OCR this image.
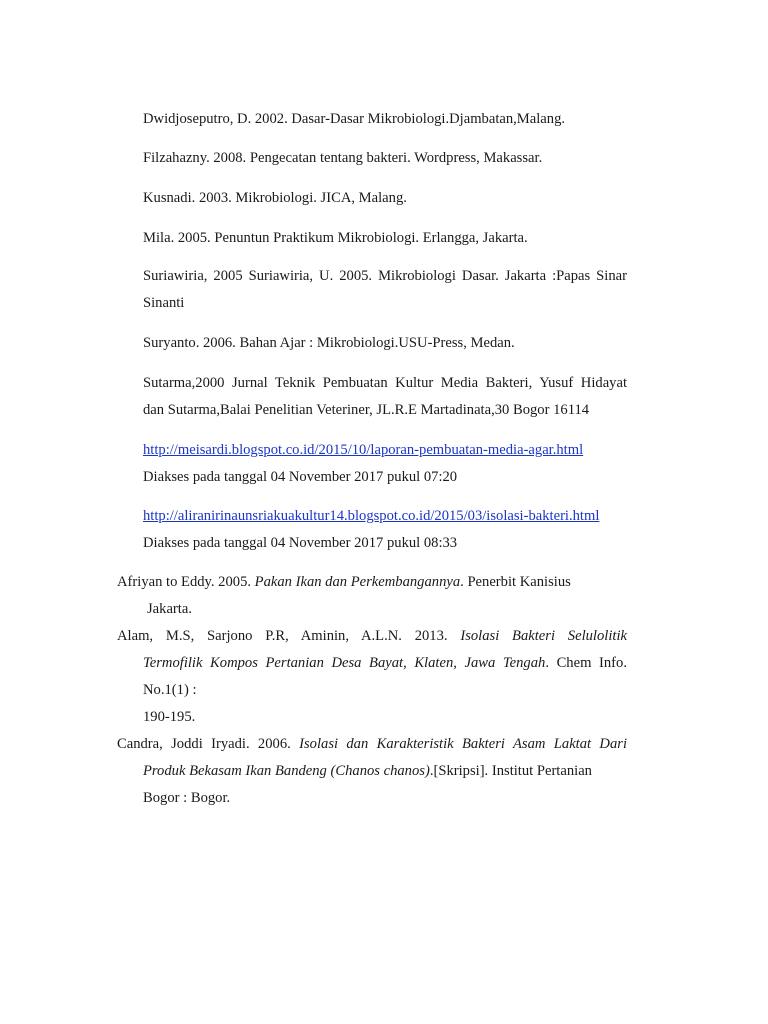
Dwidjoseputro, D. 2002. Dasar-Dasar Mikrobiologi.Djambatan,Malang.

Filzahazny. 2008. Pengecatan tentang bakteri. Wordpress, Makassar.

Kusnadi. 2003. Mikrobiologi. JICA, Malang.

Mila. 2005. Penuntun Praktikum Mikrobiologi. Erlangga, Jakarta.

Suriawiria, 2005 Suriawiria, U. 2005. Mikrobiologi Dasar. Jakarta :Papas Sinar
Sinanti

Suryanto. 2006. Bahan Ajar : Mikrobiologi.USU-Press, Medan.

Sutarma,2000 Jurnal Teknik Pembuatan Kultur Media Bakteri, Yusuf Hidayat
dan Sutarma,Balai Penelitian Veteriner, JL.R.E Martadinata,30 Bogor 16114

http://meisardi.blogspot.co.id/2015/10/laporan-pembuatan-media-agar.html
Diakses pada tanggal 04 November 2017 pukul 07:20

http://aliranirinaunsriakuakultur14.blogspot.co.id/2015/03/isolasi-bakteri.html
Diakses pada tanggal 04 November 2017 pukul 08:33

Afriyan to Eddy. 2005. Pakan Ikan dan Perkembangannya. Penerbit Kanisius
Jakarta.

Alam, M.S, Sarjono P.R, Aminin, A.L.N. 2013. Isolasi Bakteri Selulolitik
Termofilik Kompos Pertanian Desa Bayat, Klaten, Jawa Tengah. Chem Info.
No.1(1) :
190-195.

Candra, Joddi Iryadi. 2006. Isolasi dan Karakteristik Bakteri Asam Laktat Dari
Produk Bekasam Ikan Bandeng (Chanos chanos).[Skripsi]. Institut Pertanian
Bogor : Bogor.
